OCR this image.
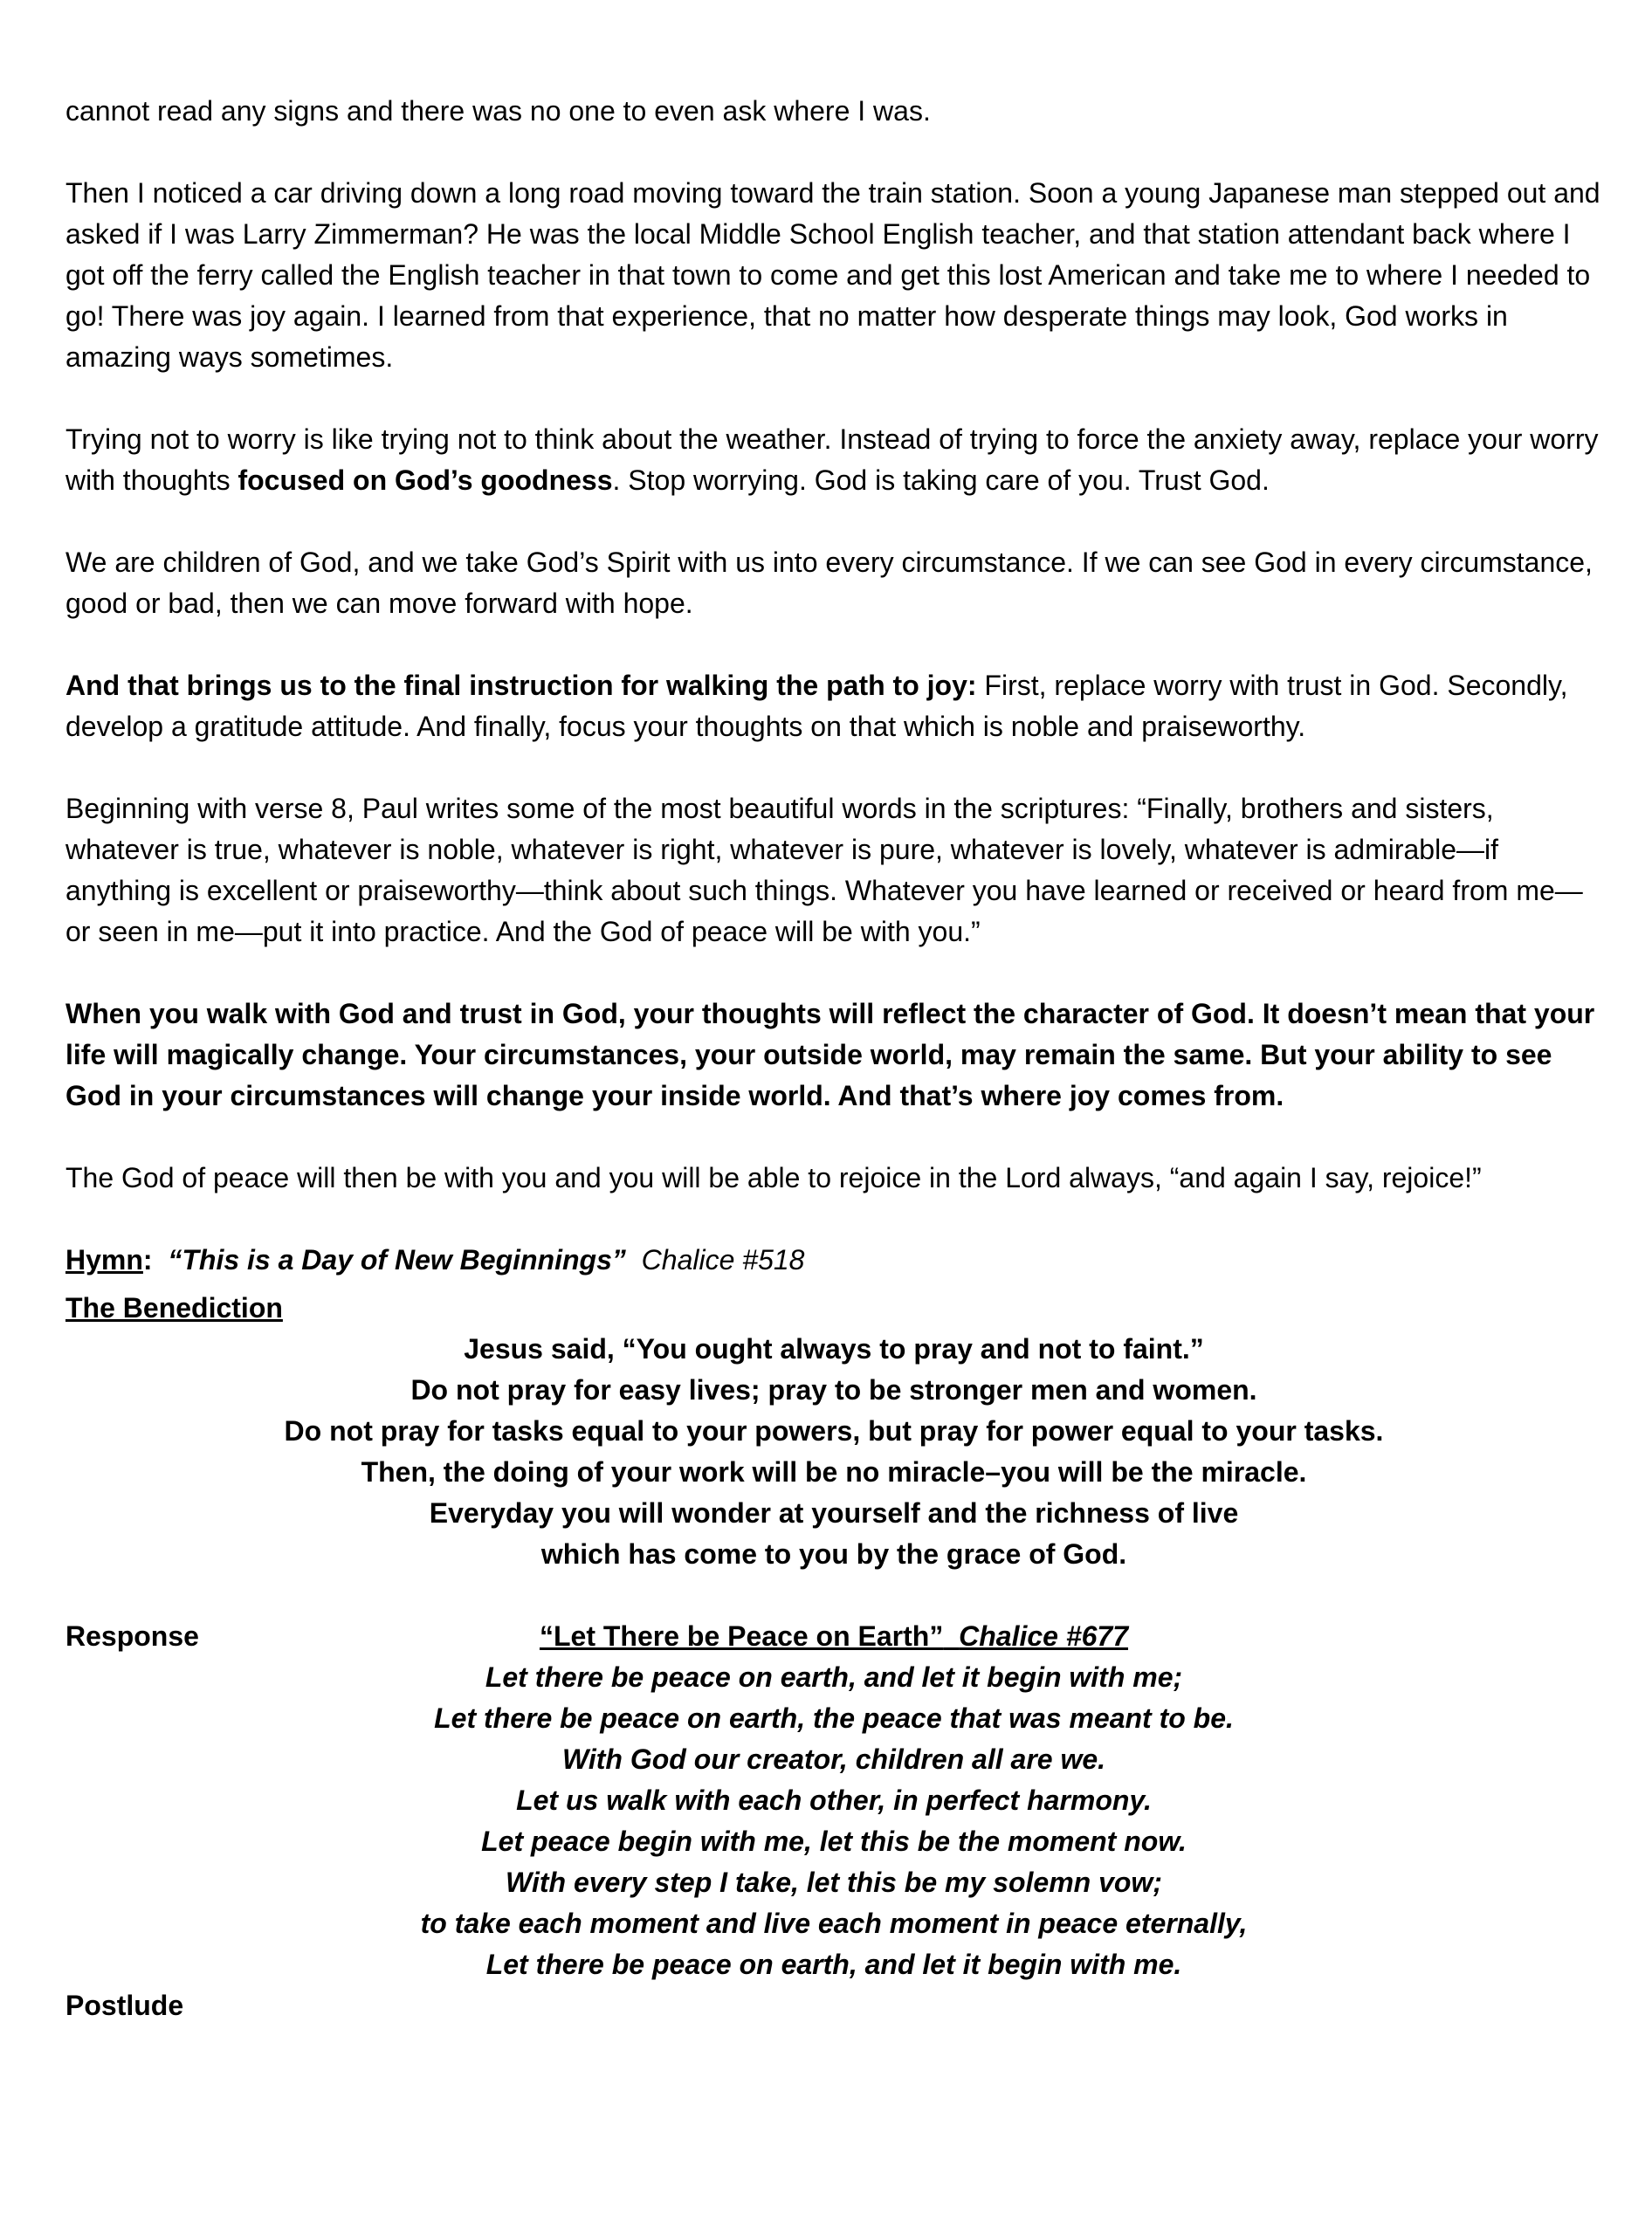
cannot read any signs and there was no one to even ask where I was.

Then I noticed a car driving down a long road moving toward the train station. Soon a young Japanese man stepped out and asked if I was Larry Zimmerman? He was the local Middle School English teacher, and that station attendant back where I got off the ferry called the English teacher in that town to come and get this lost American and take me to where I needed to go! There was joy again. I learned from that experience, that no matter how desperate things may look, God works in amazing ways sometimes.

Trying not to worry is like trying not to think about the weather. Instead of trying to force the anxiety away, replace your worry with thoughts focused on God’s goodness. Stop worrying. God is taking care of you. Trust God.

We are children of God, and we take God’s Spirit with us into every circumstance. If we can see God in every circumstance, good or bad, then we can move forward with hope.

And that brings us to the final instruction for walking the path to joy: First, replace worry with trust in God. Secondly, develop a gratitude attitude. And finally, focus your thoughts on that which is noble and praiseworthy.

Beginning with verse 8, Paul writes some of the most beautiful words in the scriptures: “Finally, brothers and sisters, whatever is true, whatever is noble, whatever is right, whatever is pure, whatever is lovely, whatever is admirable—if anything is excellent or praiseworthy—think about such things. Whatever you have learned or received or heard from me—or seen in me—put it into practice. And the God of peace will be with you.”

When you walk with God and trust in God, your thoughts will reflect the character of God. It doesn’t mean that your life will magically change. Your circumstances, your outside world, may remain the same. But your ability to see God in your circumstances will change your inside world. And that’s where joy comes from.

The God of peace will then be with you and you will be able to rejoice in the Lord always, “and again I say, rejoice!”

Hymn: “This is a Day of New Beginnings” Chalice #518
The Benediction
Jesus said, “You ought always to pray and not to faint.”
Do not pray for easy lives; pray to be stronger men and women.
Do not pray for tasks equal to your powers, but pray for power equal to your tasks.
Then, the doing of your work will be no miracle–you will be the miracle.
Everyday you will wonder at yourself and the richness of live
which has come to you by the grace of God.
Response	“Let There be Peace on Earth” Chalice #677
Let there be peace on earth, and let it begin with me;
Let there be peace on earth, the peace that was meant to be.
With God our creator, children all are we.
Let us walk with each other, in perfect harmony.
Let peace begin with me, let this be the moment now.
With every step I take, let this be my solemn vow;
to take each moment and live each moment in peace eternally,
Let there be peace on earth, and let it begin with me.
Postlude
